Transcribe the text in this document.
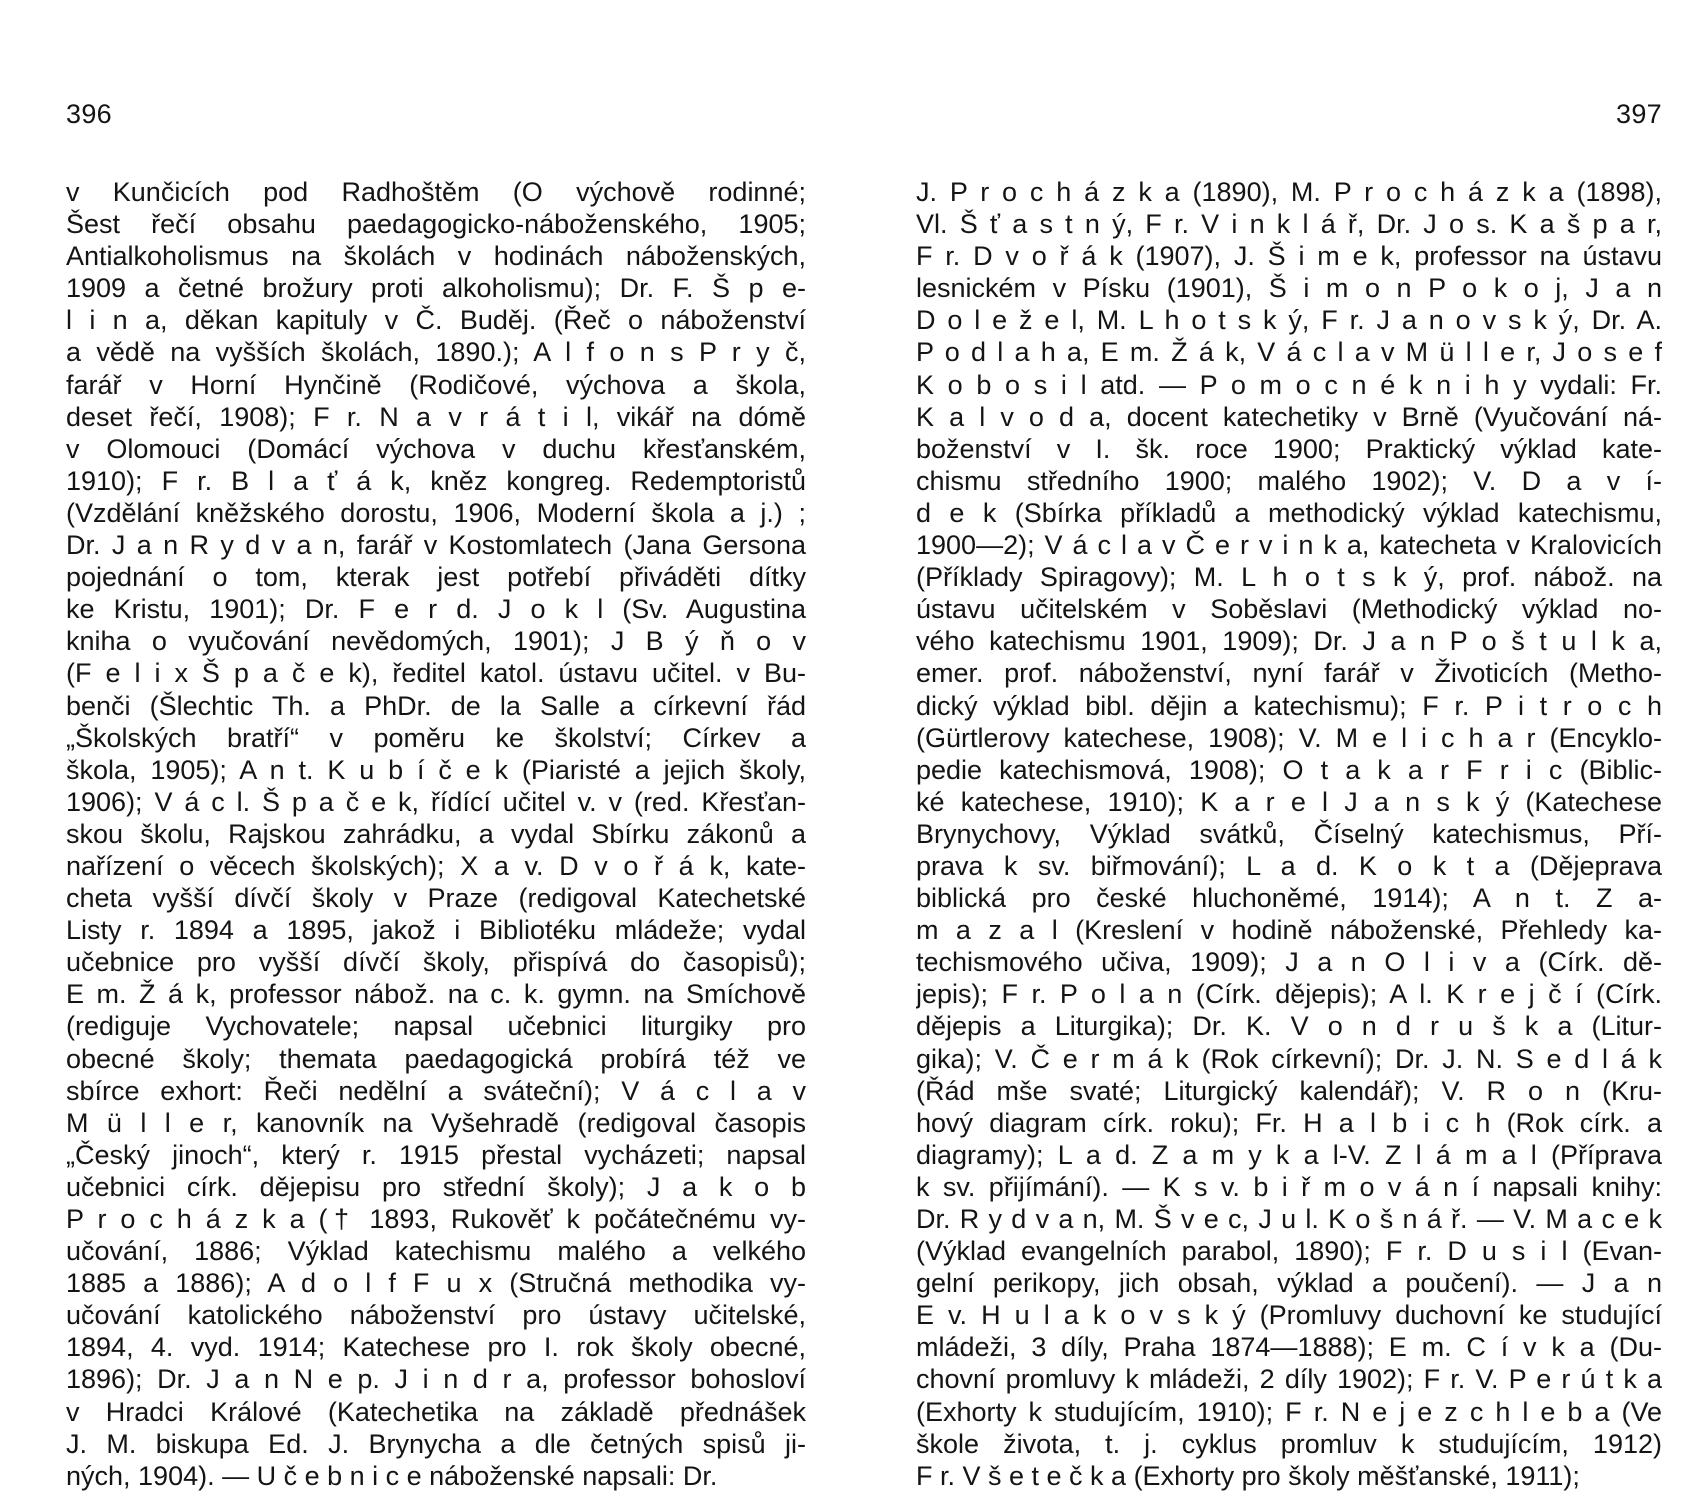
396	397
v Kunčicích pod Radhoštěm (O výchově rodinné;
Šest řečí obsahu paedagogicko-náboženského, 1905;
Antialkoholismus na školách v hodinách náboženských,
1909 a četné brožury proti alkoholismu); Dr. F. Š p e-
l i n a, děkan kapituly v Č. Buděj. (Řeč o náboženství
a vědě na vyšších školách, 1890.); A l f o n s P r y č,
farář v Horní Hynčině (Rodičové, výchova a škola,
deset řečí, 1908); F r. N a v r á t i l, vikář na dómě
v Olomouci (Domácí výchova v duchu křesťanském,
1910); F r. B l a ť á k, kněz kongreg. Redemptoristů
(Vzdělání kněžského dorostu, 1906, Moderní škola a j.) ;
Dr. J a n R y d v a n, farář v Kostomlatech (Jana Gersona
pojednání o tom, kterak jest potřebí přiváděti dítky
ke Kristu, 1901); Dr. F e r d. J o k l (Sv. Augustina
kniha o vyučování nevědomých, 1901); J B ý ň o v
(F e l i x Š p a č e k), ředitel katol. ústavu učitel. v Bu-
benči (Šlechtic Th. a PhDr. de la Salle a církevní řád
„Školských bratří“ v poměru ke školství; Církev a
škola, 1905); A n t. K u b í č e k (Piaristé a jejich školy,
1906); V á c l. Š p a č e k, řídící učitel v. v (red. Křesťan-
skou školu, Rajskou zahrádku, a vydal Sbírku zákonů a
nařízení o věcech školských); X a v. D v o ř á k, kate-
cheta vyšší dívčí školy v Praze (redigoval Katechetské
Listy r. 1894 a 1895, jakož i Bibliotéku mládeže; vydal
učebnice pro vyšší dívčí školy, přispívá do časopisů);
E m. Ž á k, professor nábož. na c. k. gymn. na Smíchově
(rediguje Vychovatele; napsal učebnici liturgiky pro
obecné školy; themata paedagogická probírá též ve
sbírce exhort: Řeči nedělní a sváteční); V á c l a v
M ü l l e r, kanovník na Vyšehradě (redigoval časopis
„Český jinoch“, který r. 1915 přestal vycházeti; napsal
učebnici círk. dějepisu pro střední školy); J a k o b
P r o c h á z k a († 1893, Rukověť k počátečnému vy-
učování, 1886; Výklad katechismu malého a velkého
1885 a 1886); A d o l f F u x (Stručná methodika vy-
učování katolického náboženství pro ústavy učitelské,
1894, 4. vyd. 1914; Katechese pro I. rok školy obecné,
1896); Dr. J a n N e p. J i n d r a, professor bohosloví
v Hradci Králové (Katechetika na základě přednášek
J. M. biskupa Ed. J. Brynycha a dle četných spisů ji-
ných, 1904). — U č e b n i c e náboženské napsali: Dr.
J. P r o c h á z k a (1890), M. P r o c h á z k a (1898),
Vl. Š ť a s t n ý, F r. V i n k l á ř, Dr. J o s. K a š p a r,
F r. D v o ř á k (1907), J. Š i m e k, professor na ústavu
lesnickém v Písku (1901), Š i m o n P o k o j, J a n
D o l e ž e l, M. L h o t s k ý, F r. J a n o v s k ý, Dr. A.
P o d l a h a, E m. Ž á k, V á c l a v M ü l l e r, J o s e f
K o b o s i l atd. — P o m o c n é k n i h y vydali: Fr.
K a l v o d a, docent katechetiky v Brně (Vyučování ná-
boženství v I. šk. roce 1900; Praktický výklad kate-
chismu středního 1900; malého 1902); V. D a v í-
d e k (Sbírka příkladů a methodický výklad katechismu,
1900—2); V á c l a v Č e r v i n k a, katecheta v Kralovicích
(Příklady Spiragovy); M. L h o t s k ý, prof. nábož. na
ústavu učitelském v Soběslavi (Methodický výklad no-
vého katechismu 1901, 1909); Dr. J a n P o š t u l k a,
emer. prof. náboženství, nyní farář v Životicích (Metho-
dický výklad bibl. dějin a katechismu); F r. P i t r o c h
(Gürtlerovy katechese, 1908); V. M e l i c h a r (Encyklo-
pedie katechismová, 1908); O t a k a r F r i c (Biblic-
ké katechese, 1910); K a r e l J a n s k ý (Katechese
Brynychovy, Výklad svátků, Číselný katechismus, Pří-
prava k sv. biřmování); L a d. K o k t a (Dějeprava
biblická pro české hluchoněmé, 1914); A n t. Z a-
m a z a l (Kreslení v hodině náboženské, Přehledy ka-
techismového učiva, 1909); J a n O l i v a (Círk. dě-
jepis); F r. P o l a n (Círk. dějepis); A l. K r e j č í (Círk.
dějepis a Liturgika); Dr. K. V o n d r u š k a (Litur-
gika); V. Č e r m á k (Rok církevní); Dr. J. N. S e d l á k
(Řád mše svaté; Liturgický kalendář); V. R o n (Kru-
hový diagram círk. roku); Fr. H a l b i c h (Rok círk. a
diagramy); L a d. Z a m y k a l-V. Z l á m a l (Příprava
k sv. přijímání). — K s v. b i ř m o v á n í napsali knihy:
Dr. R y d v a n, M. Š v e c, J u l. K o š n á ř. — V. M a c e k
(Výklad evangelních parabol, 1890); F r. D u s i l (Evan-
gelní perikopy, jich obsah, výklad a poučení). — J a n
E v. H u l a k o v s k ý (Promluvy duchovní ke studující
mládeži, 3 díly, Praha 1874—1888); E m. C í v k a (Du-
chovní promluvy k mládeži, 2 díly 1902); F r. V. P e r ú t k a
(Exhorty k studujícím, 1910); F r. N e j e z c h l e b a (Ve
škole života, t. j. cyklus promluv k studujícím, 1912)
F r. V š e t e č k a (Exhorty pro školy měšťanské, 1911);
